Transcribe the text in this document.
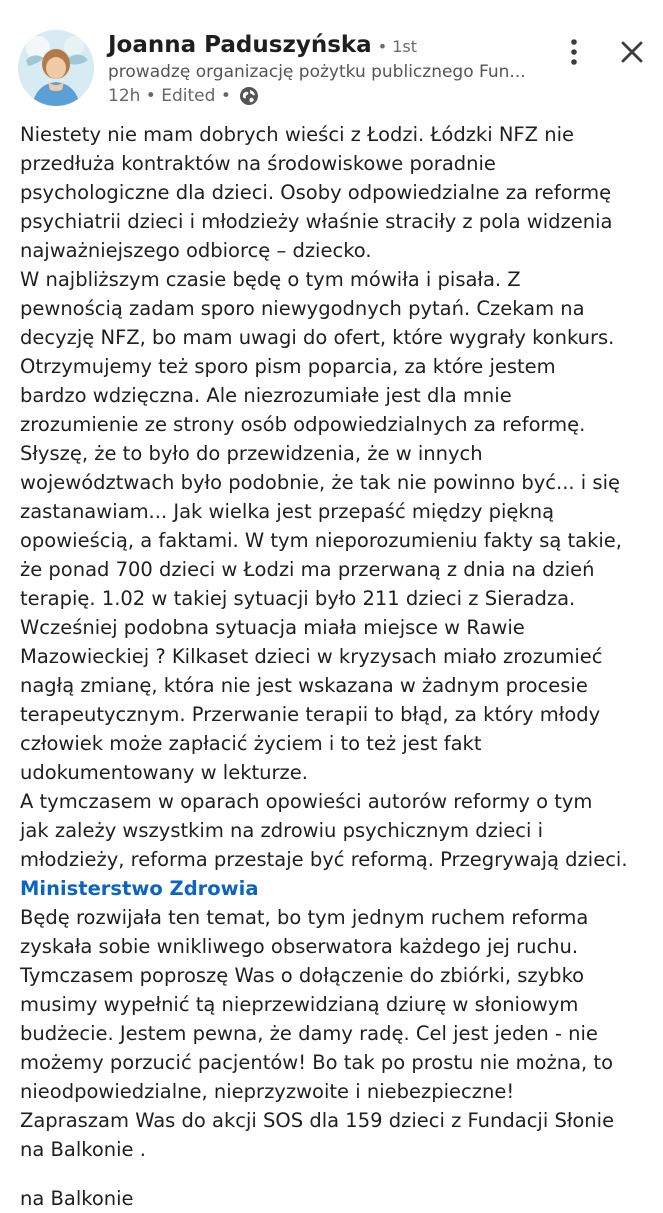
Joanna Paduszyńska • 1st
prowadzę organizację pożytku publicznego Fun...
12h • Edited •
Niestety nie mam dobrych wieści z Łodzi. Łódzki NFZ nie
przedłuża kontraktów na środowiskowe poradnie
psychologiczne dla dzieci. Osoby odpowiedzialne za reformę
psychiatrii dzieci i młodzieży właśnie straciły z pola widzenia
najważniejszego odbiorcę – dziecko.
W najbliższym czasie będę o tym mówiła i pisała. Z
pewnością zadam sporo niewygodnych pytań. Czekam na
decyzję NFZ, bo mam uwagi do ofert, które wygrały konkurs.
Otrzymujemy też sporo pism poparcia, za które jestem
bardzo wdzięczna. Ale niezrozumiałe jest dla mnie
zrozumienie ze strony osób odpowiedzialnych za reformę.
Słyszę, że to było do przewidzenia, że w innych
województwach było podobnie, że tak nie powinno być... i się
zastanawiam... Jak wielka jest przepaść między piękną
opowieścią, a faktami. W tym nieporozumieniu fakty są takie,
że ponad 700 dzieci w Łodzi ma przerwaną z dnia na dzień
terapię. 1.02 w takiej sytuacji było 211 dzieci z Sieradza.
Wcześniej podobna sytuacja miała miejsce w Rawie
Mazowieckiej ? Kilkaset dzieci w kryzysach miało zrozumieć
nagłą zmianę, która nie jest wskazana w żadnym procesie
terapeutycznym. Przerwanie terapii to błąd, za który młody
człowiek może zapłacić życiem i to też jest fakt
udokumentowany w lekturze.
A tymczasem w oparach opowieści autorów reformy o tym
jak zależy wszystkim na zdrowiu psychicznym dzieci i
młodzieży, reforma przestaje być reformą. Przegrywają dzieci.
Ministerstwo Zdrowia
Będę rozwijała ten temat, bo tym jednym ruchem reforma
zyskała sobie wnikliwego obserwatora każdego jej ruchu.
Tymczasem poproszę Was o dołączenie do zbiórki, szybko
musimy wypełnić tą nieprzewidzianą dziurę w słoniowym
budżecie. Jestem pewna, że damy radę. Cel jest jeden - nie
możemy porzucić pacjentów! Bo tak po prostu nie można, to
nieodpowiedzialne, nieprzyzwoite i niebezpieczne!
Zapraszam Was do akcji SOS dla 159 dzieci z Fundacji Słonie
na Balkonie .
na Balkonie
